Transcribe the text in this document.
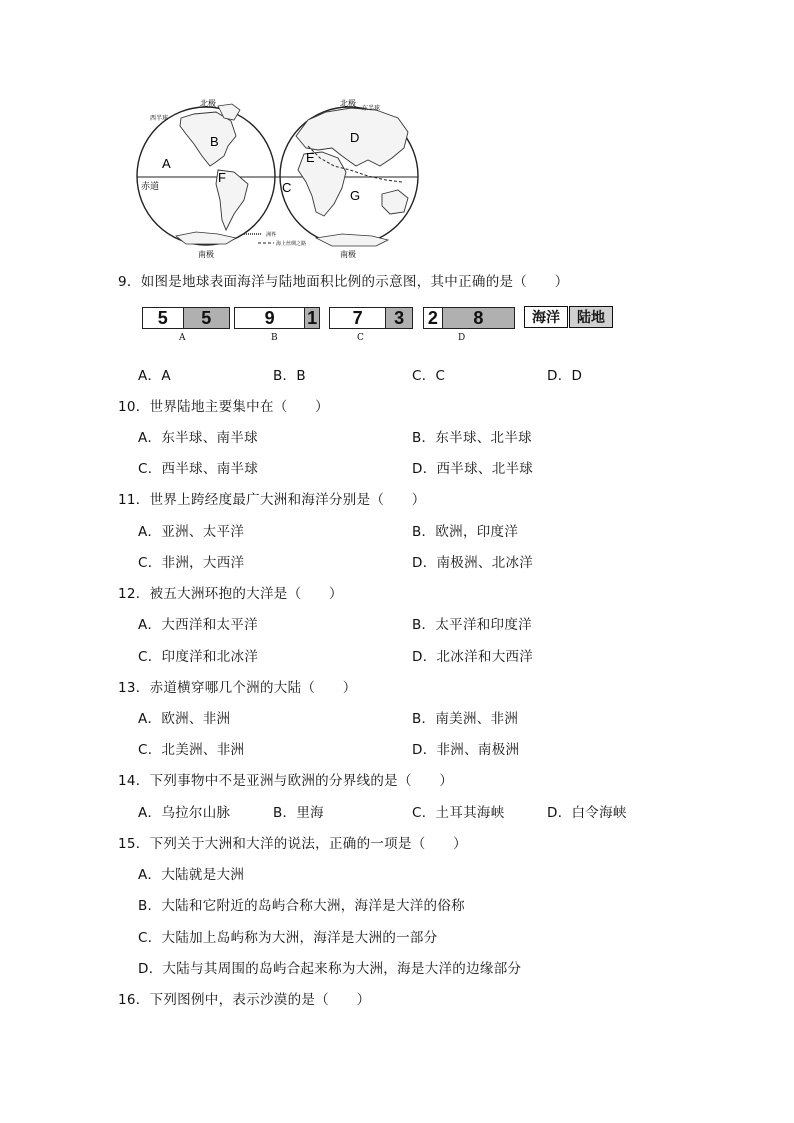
西半球
北极	北极
东半球
赤道
南极	南极
A
B
F
C
D
E
G
洲界
海上丝绸之路
9．如图是地球表面海洋与陆地面积比例的示意图，其中正确的是（　　）
5	5
A
9	1
B
7	3
C
2	8
D
海洋	陆地
A．A	B．B	C．C	D．D
10．世界陆地主要集中在（　　）
A．东半球、南半球	B．东半球、北半球
C．西半球、南半球	D．西半球、北半球
11．世界上跨经度最广大洲和海洋分别是（　　）
A．亚洲、太平洋	B．欧洲，印度洋
C．非洲，大西洋	D．南极洲、北冰洋
12．被五大洲环抱的大洋是（　　）
A．大西洋和太平洋	B．太平洋和印度洋
C．印度洋和北冰洋	D．北冰洋和大西洋
13．赤道横穿哪几个洲的大陆（　　）
A．欧洲、非洲	B．南美洲、非洲
C．北美洲、非洲	D．非洲、南极洲
14．下列事物中不是亚洲与欧洲的分界线的是（　　）
A．乌拉尔山脉	B．里海	C．土耳其海峡	D．白令海峡
15．下列关于大洲和大洋的说法，正确的一项是（　　）
A．大陆就是大洲
B．大陆和它附近的岛屿合称大洲，海洋是大洋的俗称
C．大陆加上岛屿称为大洲，海洋是大洲的一部分
D．大陆与其周围的岛屿合起来称为大洲，海是大洋的边缘部分
16．下列图例中，表示沙漠的是（　　）
